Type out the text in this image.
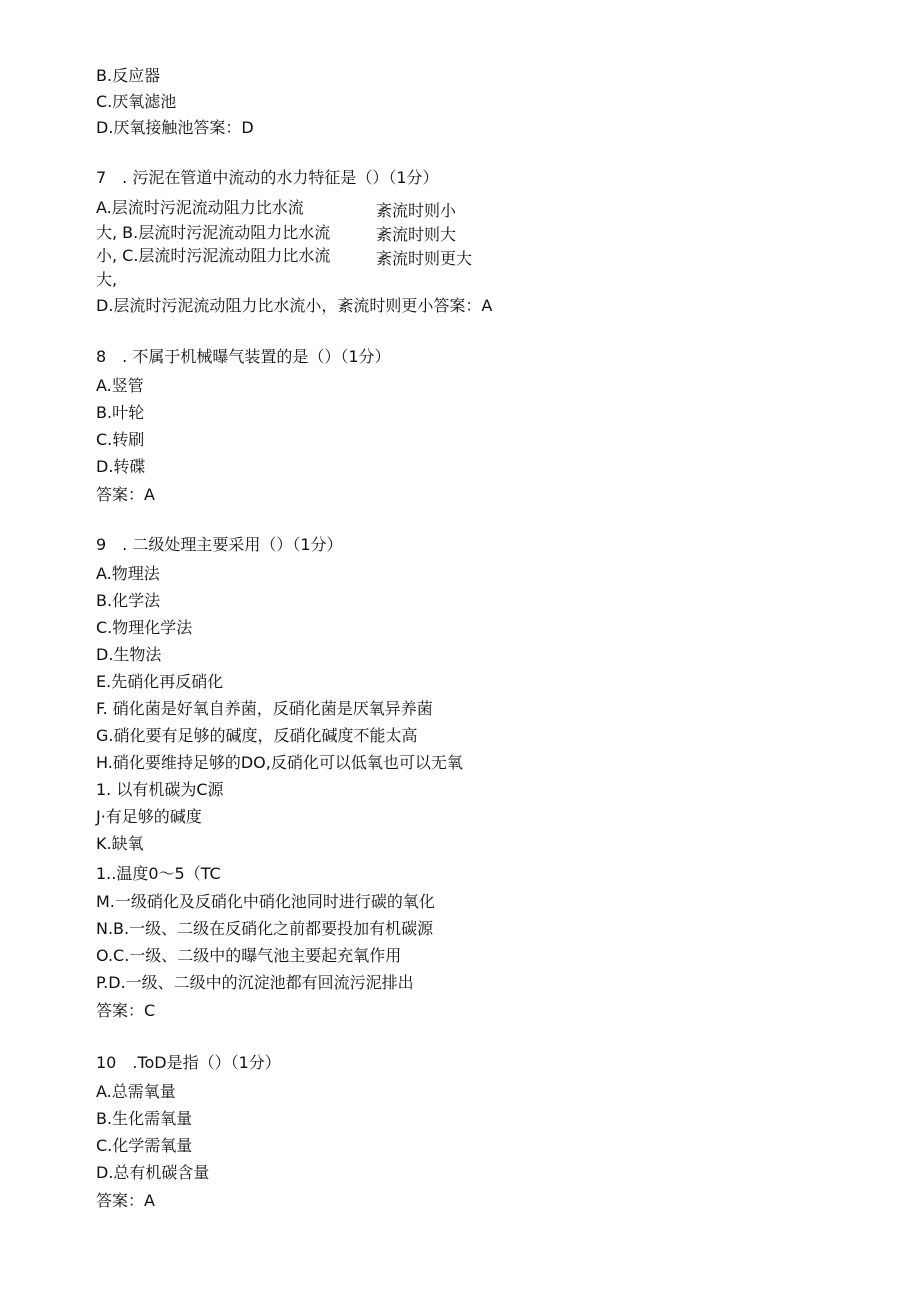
B.反应器
C.厌氧滤池
D.厌氧接触池答案：D
7　. 污泥在管道中流动的水力特征是（）（1分）
A.层流时污泥流动阻力比水流
大, B.层流时污泥流动阻力比水流
小, C.层流时污泥流动阻力比水流
大,
紊流时则小
紊流时则大
紊流时则更大
D.层流时污泥流动阻力比水流小，紊流时则更小答案：A
8　. 不属于机械曝气装置的是（）（1分）
A.竖管
B.叶轮
C.转刷
D.转碟
答案：A
9　. 二级处理主要采用（）（1分）
A.物理法
B.化学法
C.物理化学法
D.生物法
E.先硝化再反硝化
F. 硝化菌是好氧自养菌，反硝化菌是厌氧异养菌
G.硝化要有足够的碱度，反硝化碱度不能太高
H.硝化要维持足够的DO,反硝化可以低氧也可以无氧
1. 以有机碳为C源
J·有足够的碱度
K.缺氧
1..温度0～5（TC
M.一级硝化及反硝化中硝化池同时进行碳的氧化
N.B.一级、二级在反硝化之前都要投加有机碳源
O.C.一级、二级中的曝气池主要起充氧作用
P.D.一级、二级中的沉淀池都有回流污泥排出
答案：C
10　.ToD是指（）（1分）
A.总需氧量
B.生化需氧量
C.化学需氧量
D.总有机碳含量
答案：A
